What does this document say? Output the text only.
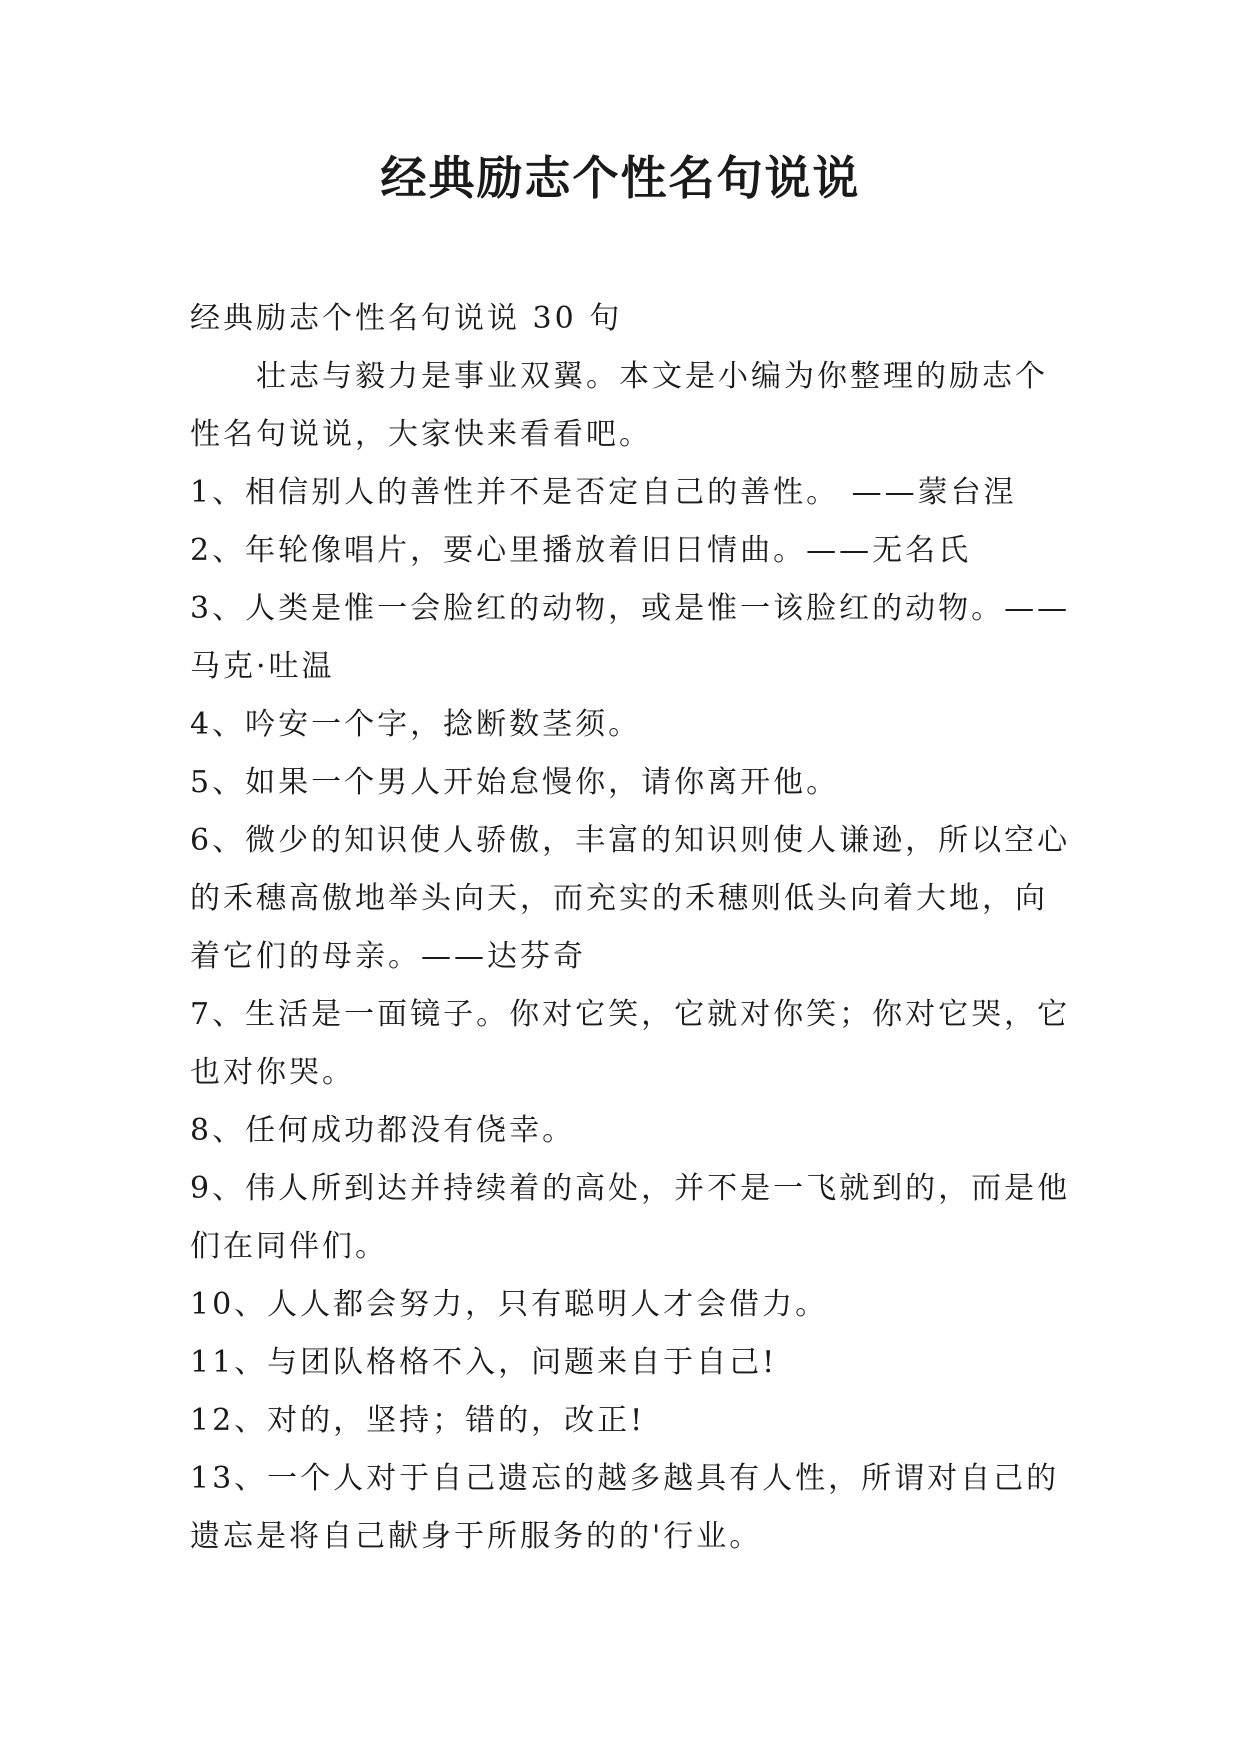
经典励志个性名句说说

经典励志个性名句说说 30 句

壮志与毅力是事业双翼。本文是小编为你整理的励志个性名句说说，大家快来看看吧。

1、相信别人的善性并不是否定自己的善性。 ——蒙台涅

2、年轮像唱片，要心里播放着旧日情曲。——无名氏

3、人类是惟一会脸红的动物，或是惟一该脸红的动物。——马克·吐温

4、吟安一个字，捻断数茎须。

5、如果一个男人开始怠慢你，请你离开他。

6、微少的知识使人骄傲，丰富的知识则使人谦逊，所以空心的禾穗高傲地举头向天，而充实的禾穗则低头向着大地，向着它们的母亲。——达芬奇

7、生活是一面镜子。你对它笑，它就对你笑；你对它哭，它也对你哭。

8、任何成功都没有侥幸。

9、伟人所到达并持续着的高处，并不是一飞就到的，而是他们在同伴们。

10、人人都会努力，只有聪明人才会借力。

11、与团队格格不入，问题来自于自己!

12、对的，坚持；错的，改正!

13、一个人对于自己遗忘的越多越具有人性，所谓对自己的遗忘是将自己献身于所服务的的'行业。
